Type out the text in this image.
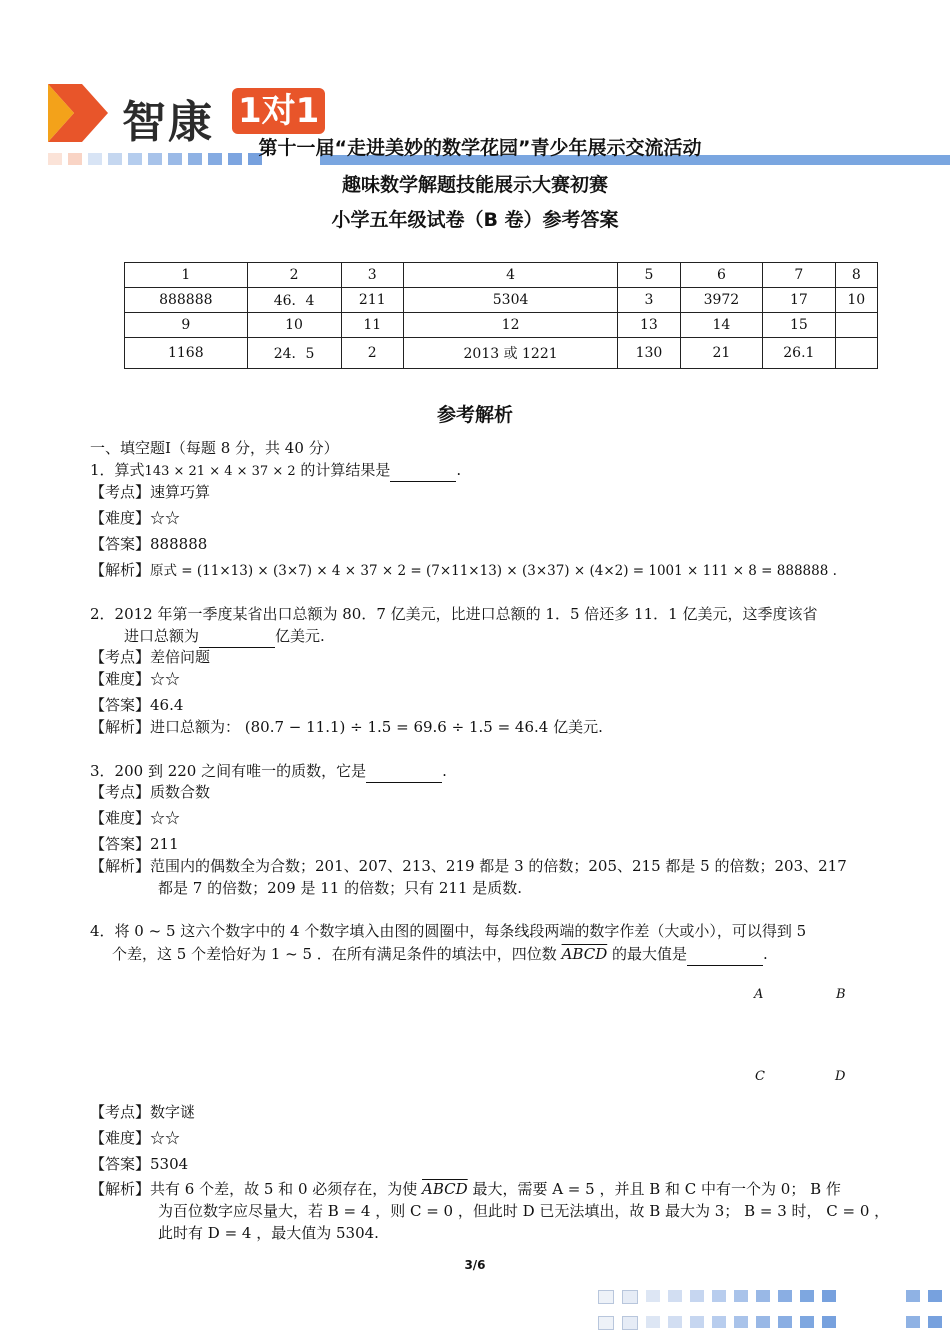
智康 1对1
第十一届“走进美妙的数学花园”青少年展示交流活动
趣味数学解题技能展示大赛初赛
小学五年级试卷（B 卷）参考答案
1	2	3	4	5	6	7	8
888888	46．4	211	5304	3	3972	17	10
9	10	11	12	13	14	15	
1168	24．5	2	2013 或 1221	130	21	26.1	
参考解析
一、填空题Ⅰ（每题 8 分，共 40 分）
1．算式143 × 21 × 4 × 37 × 2 的计算结果是	.
【考点】速算巧算
【难度】☆☆
【答案】888888
【解析】原式 = (11×13) × (3×7) × 4 × 37 × 2 = (7×11×13) × (3×37) × (4×2) = 1001 × 111 × 8 = 888888 .
2．2012 年第一季度某省出口总额为 80．7 亿美元，比进口总额的 1．5 倍还多 11．1 亿美元，这季度该省
进口总额为	亿美元.
【考点】差倍问题
【难度】☆☆
【答案】46.4
【解析】进口总额为： (80.7 − 11.1) ÷ 1.5 = 69.6 ÷ 1.5 = 46.4 亿美元.
3．200 到 220 之间有唯一的质数，它是	.
【考点】质数合数
【难度】☆☆
【答案】211
【解析】范围内的偶数全为合数；201、207、213、219 都是 3 的倍数；205、215 都是 5 的倍数；203、217
都是 7 的倍数；209 是 11 的倍数；只有 211 是质数.
4．将 0 ~ 5 这六个数字中的 4 个数字填入由图的圆圈中，每条线段两端的数字作差（大或小），可以得到 5
个差，这 5 个差恰好为 1 ~ 5 ．在所有满足条件的填法中，四位数 ABCD 的最大值是	.
A	B
C	D
【考点】数字谜
【难度】☆☆
【答案】5304
【解析】共有 6 个差，故 5 和 0 必须存在，为使 ABCD 最大，需要 A = 5 ，并且 B 和 C 中有一个为 0； B 作
为百位数字应尽量大，若 B = 4 ，则 C = 0 ，但此时 D 已无法填出，故 B 最大为 3； B = 3 时， C = 0 ，
此时有 D = 4 ，最大值为 5304.
3/6
